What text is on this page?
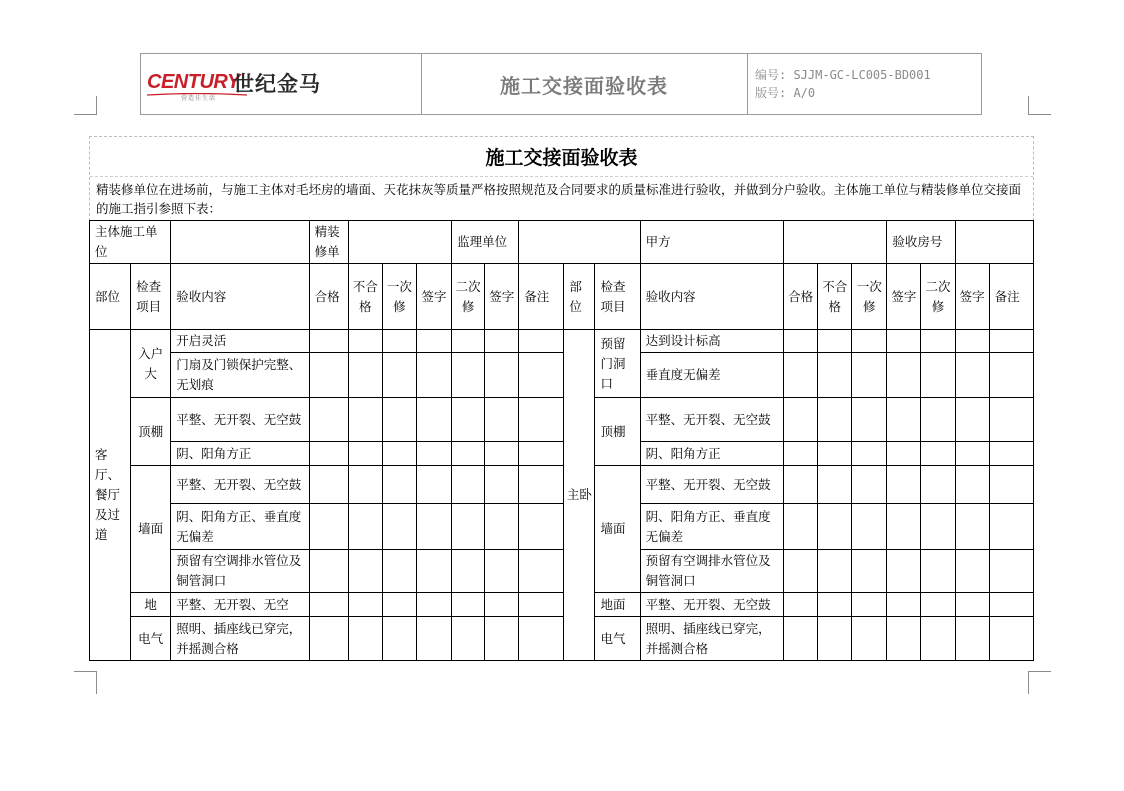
CENTURY
世纪金马
营造佳生活
施工交接面验收表	编号: SJJM-GC-LC005-BD001
版号: A/0
施工交接面验收表
精装修单位在进场前，与施工主体对毛坯房的墙面、天花抹灰等质量严格按照规范及合同要求的质量标准进行验收，并做到分户验收。主体施工单位与精装修单位交接面的施工指引参照下表：
主体施工单位			精装修单				监理单位					甲方				验收房号			
部位	检查项目	验收内容	合格	不合格	一次修	签字	二次修	签字	备注	部位	检查项目	验收内容	合格	不合格	一次修	签字	二次修	签字	备注
客厅、餐厅及过道	入户大	开启灵活								主卧	预留门洞口	达到设计标高							
		门扇及门锁保护完整、无划痕										垂直度无偏差							
	顶棚	平整、无开裂、无空鼓									顶棚	平整、无开裂、无空鼓							
		阴、阳角方正										阴、阳角方正							
	墙面	平整、无开裂、无空鼓									墙面	平整、无开裂、无空鼓							
		阴、阳角方正、垂直度无偏差										阴、阳角方正、垂直度无偏差							
		预留有空调排水管位及铜管洞口										预留有空调排水管位及铜管洞口							
	地	平整、无开裂、无空									地面	平整、无开裂、无空鼓							
	电气	照明、插座线已穿完，并摇测合格									电气	照明、插座线已穿完，并摇测合格							
